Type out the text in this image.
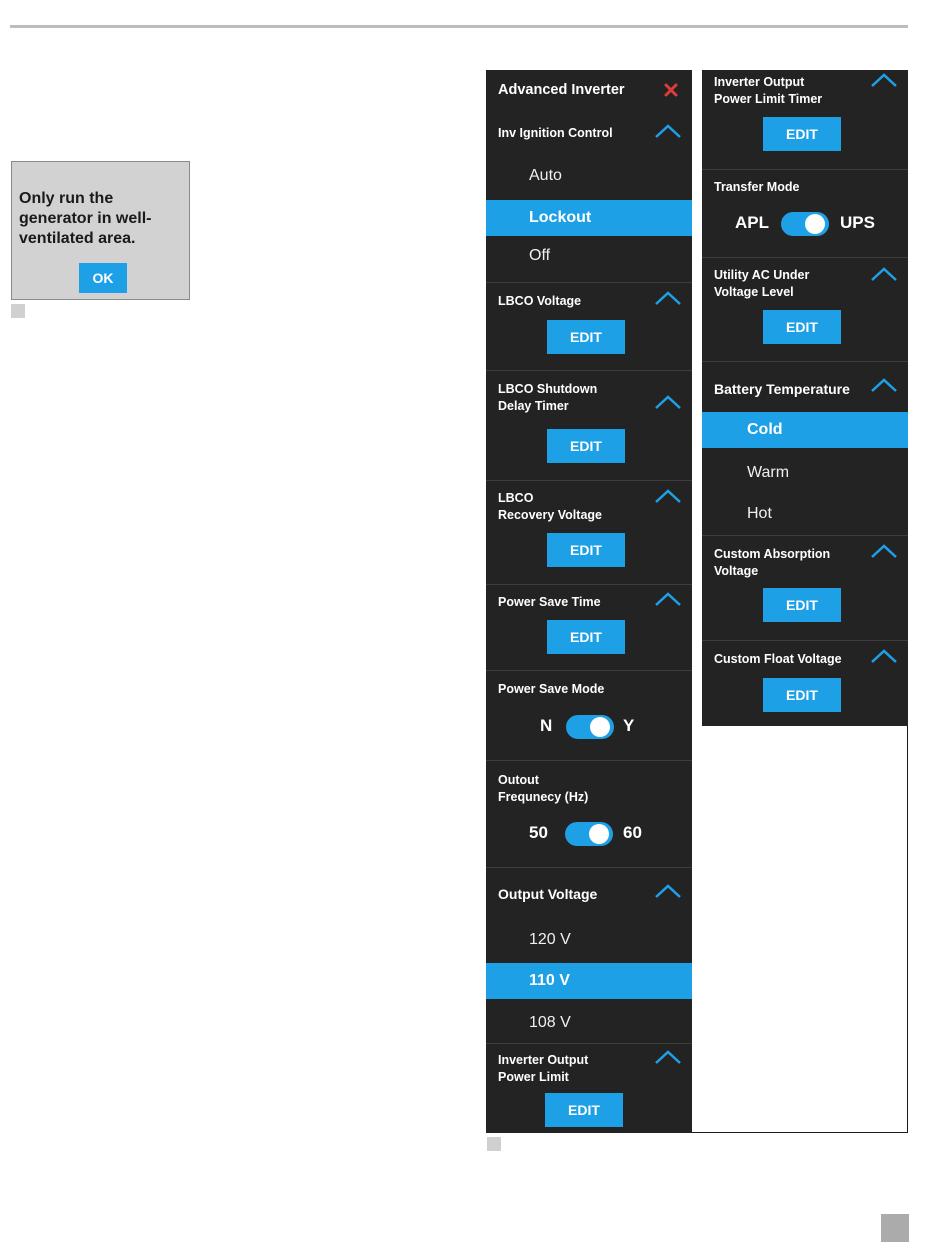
Only run the generator in well-ventilated area.
OK
Advanced Inverter
Inv Ignition Control
Auto
Lockout
Off
LBCO Voltage
EDIT
LBCO Shutdown
Delay Timer
EDIT
LBCO
Recovery Voltage
EDIT
Power Save Time
EDIT
Power Save Mode
N	Y
Outout
Frequnecy (Hz)
50	60
Output Voltage
120 V
110 V
108 V
Inverter Output
Power Limit
EDIT
Inverter Output
Power Limit Timer
EDIT
Transfer Mode
APL	UPS
Utility AC Under
Voltage Level
EDIT
Battery Temperature
Cold
Warm
Hot
Custom Absorption
Voltage
EDIT
Custom Float Voltage
EDIT
